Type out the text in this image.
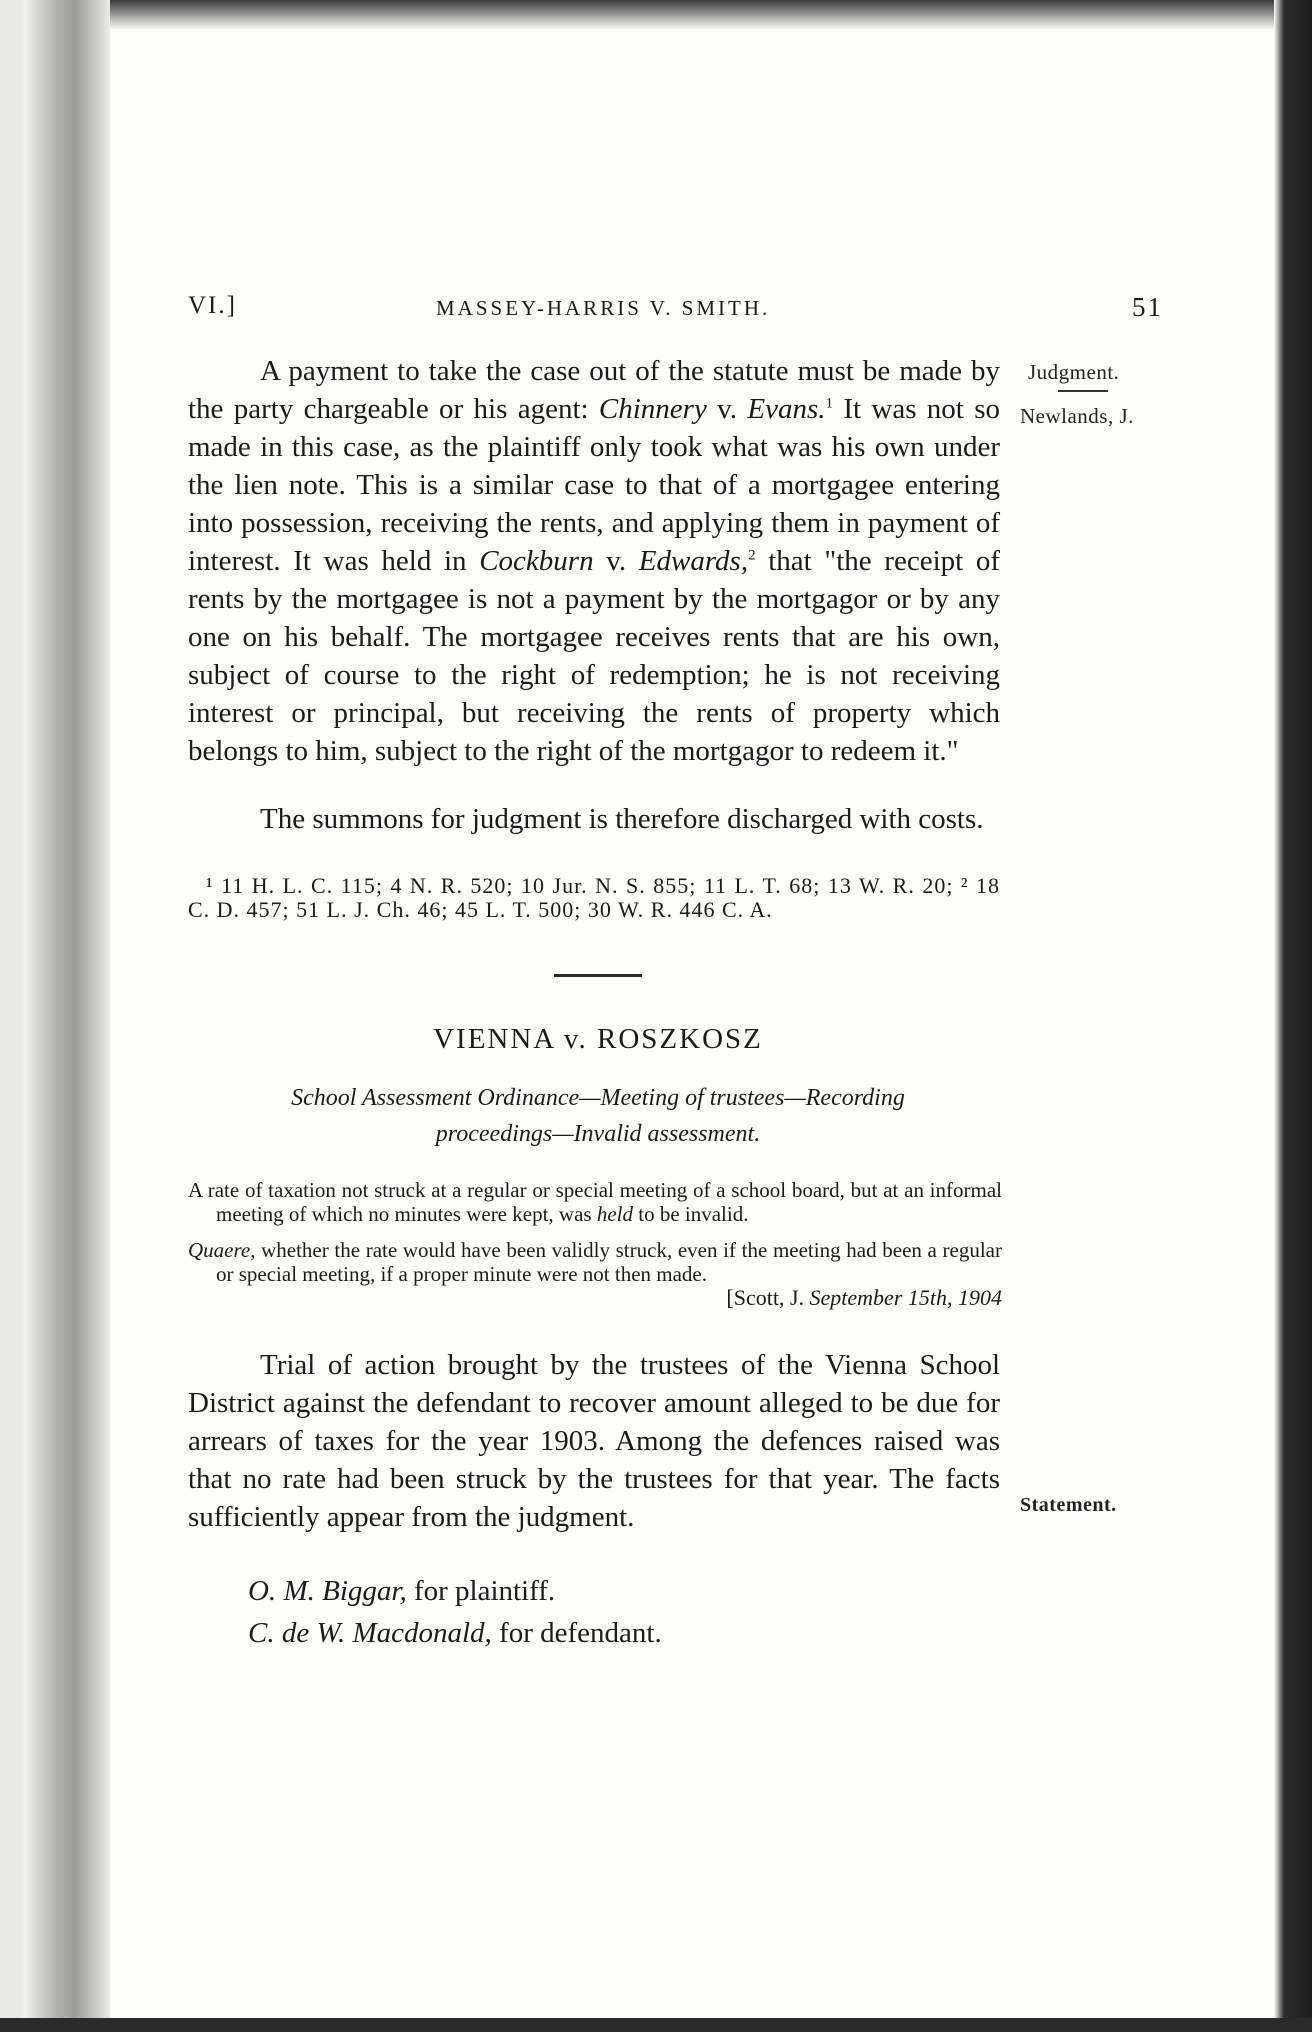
Judgment.
Newlands, J.
Statement.
VI.]	MASSEY-HARRIS V. SMITH.	51

A payment to take the case out of the statute must be made by the party chargeable or his agent: Chinnery v. Evans.$^1$ It was not so made in this case, as the plaintiff only took what was his own under the lien note. This is a similar case to that of a mortgagee entering into possession, receiving the rents, and applying them in payment of interest. It was held in Cockburn v. Edwards,$^2$ that "the receipt of rents by the mortgagee is not a payment by the mortgagor or by any one on his behalf. The mortgagee receives rents that are his own, subject of course to the right of redemption; he is not receiving interest or principal, but receiving the rents of property which belongs to him, subject to the right of the mortgagor to redeem it."

The summons for judgment is therefore discharged with costs.

¹ 11 H. L. C. 115; 4 N. R. 520; 10 Jur. N. S. 855; 11 L. T. 68; 13 W. R. 20; ² 18 C. D. 457; 51 L. J. Ch. 46; 45 L. T. 500; 30 W. R. 446 C. A.

VIENNA v. ROSZKOSZ

School Assessment Ordinance—Meeting of trustees—Recording
proceedings—Invalid assessment.

A rate of taxation not struck at a regular or special meeting of a school board, but at an informal meeting of which no minutes were kept, was held to be invalid.

Quaere, whether the rate would have been validly struck, even if the meeting had been a regular or special meeting, if a proper minute were not then made.
[Scott, J. September 15th, 1904

Trial of action brought by the trustees of the Vienna School District against the defendant to recover amount alleged to be due for arrears of taxes for the year 1903. Among the defences raised was that no rate had been struck by the trustees for that year. The facts sufficiently appear from the judgment.

O. M. Biggar, for plaintiff.

C. de W. Macdonald, for defendant.
